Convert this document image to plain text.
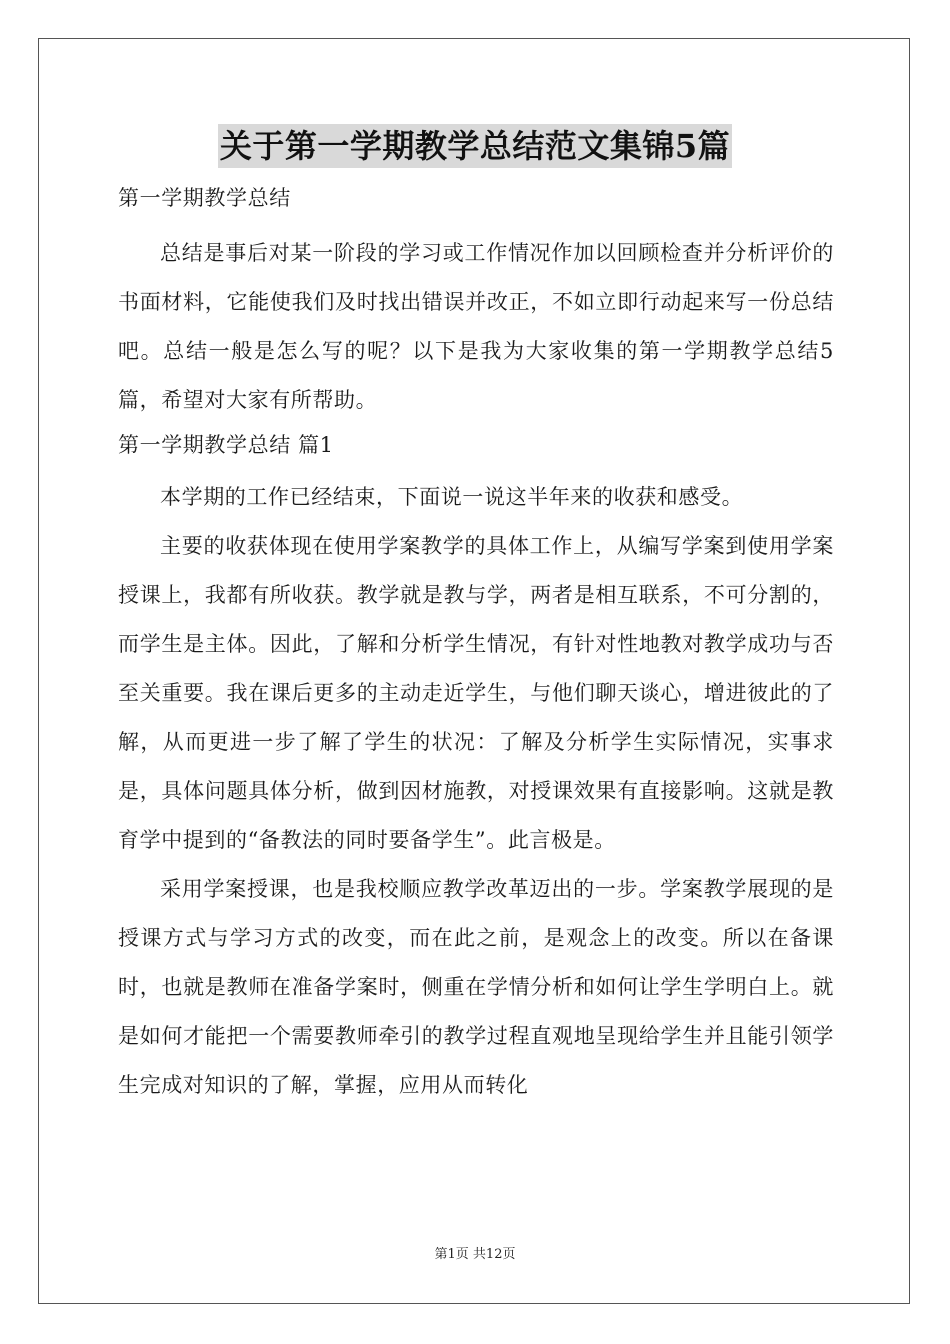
关于第一学期教学总结范文集锦5篇
第一学期教学总结

总结是事后对某一阶段的学习或工作情况作加以回顾检查并分析评价的书面材料，它能使我们及时找出错误并改正，不如立即行动起来写一份总结吧。总结一般是怎么写的呢？以下是我为大家收集的第一学期教学总结5篇，希望对大家有所帮助。

第一学期教学总结 篇1

本学期的工作已经结束，下面说一说这半年来的收获和感受。

主要的收获体现在使用学案教学的具体工作上，从编写学案到使用学案授课上，我都有所收获。教学就是教与学，两者是相互联系，不可分割的，而学生是主体。因此，了解和分析学生情况，有针对性地教对教学成功与否至关重要。我在课后更多的主动走近学生，与他们聊天谈心，增进彼此的了解，从而更进一步了解了学生的状况：了解及分析学生实际情况，实事求是，具体问题具体分析，做到因材施教，对授课效果有直接影响。这就是教育学中提到的“备教法的同时要备学生”。此言极是。

采用学案授课，也是我校顺应教学改革迈出的一步。学案教学展现的是授课方式与学习方式的改变，而在此之前，是观念上的改变。所以在备课时，也就是教师在准备学案时，侧重在学情分析和如何让学生学明白上。就是如何才能把一个需要教师牵引的教学过程直观地呈现给学生并且能引领学生完成对知识的了解，掌握，应用从而转化

第1页 共12页
